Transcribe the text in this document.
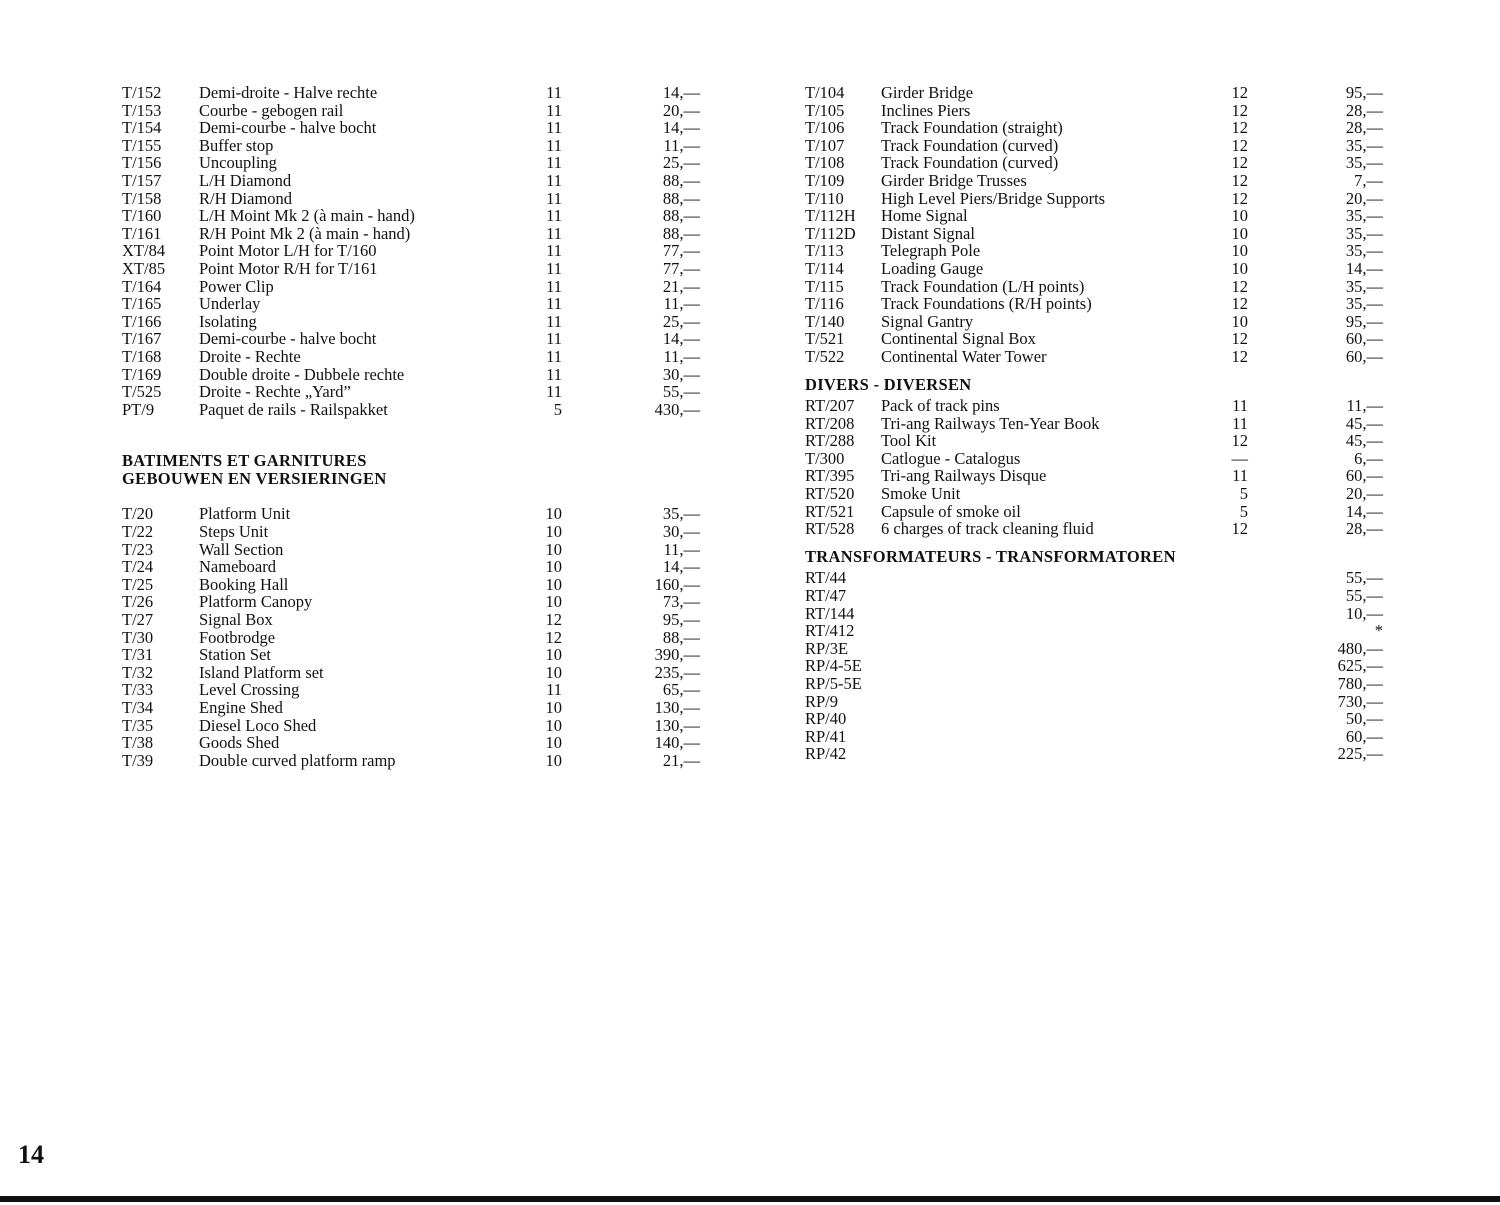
T/152 Demi-droite - Halve rechte	11	14,—
T/153 Courbe - gebogen rail	11	20,—
T/154 Demi-courbe - halve bocht	11	14,—
T/155 Buffer stop	11	11,—
T/156 Uncoupling	11	25,—
T/157 L/H Diamond	11	88,—
T/158 R/H Diamond	11	88,—
T/160 L/H Moint Mk 2 (à main - hand)	11	88,—
T/161 R/H Point Mk 2 (à main - hand)	11	88,—
XT/84 Point Motor L/H for T/160	11	77,—
XT/85 Point Motor R/H for T/161	11	77,—
T/164 Power Clip	11	21,—
T/165 Underlay	11	11,—
T/166 Isolating	11	25,—
T/167 Demi-courbe - halve bocht	11	14,—
T/168 Droite - Rechte	11	11,—
T/169 Double droite - Dubbele rechte	11	30,—
T/525 Droite - Rechte „Yard”	11	55,—
PT/9	Paquet de rails - Railspakket	5	430,—
BATIMENTS ET GARNITURES
GEBOUWEN EN VERSIERINGEN
T/20	Platform Unit	10	35,—
T/22	Steps Unit	10	30,—
T/23	Wall Section	10	11,—
T/24	Nameboard	10	14,—
T/25	Booking Hall	10	160,—
T/26	Platform Canopy	10	73,—
T/27	Signal Box	12	95,—
T/30	Footbrodge	12	88,—
T/31	Station Set	10	390,—
T/32	Island Platform set	10	235,—
T/33	Level Crossing	11	65,—
T/34	Engine Shed	10	130,—
T/35	Diesel Loco Shed	10	130,—
T/38	Goods Shed	10	140,—
T/39	Double curved platform ramp	10	21,—
T/104 Girder Bridge	12	95,—
T/105 Inclines Piers	12	28,—
T/106 Track Foundation (straight)	12	28,—
T/107 Track Foundation (curved)	12	35,—
T/108 Track Foundation (curved)	12	35,—
T/109 Girder Bridge Trusses	12	7,—
T/110 High Level Piers/Bridge Supports	12	20,—
T/112H Home Signal	10	35,—
T/112D Distant Signal	10	35,—
T/113 Telegraph Pole	10	35,—
T/114 Loading Gauge	10	14,—
T/115 Track Foundation (L/H points)	12	35,—
T/116 Track Foundations (R/H points)	12	35,—
T/140 Signal Gantry	10	95,—
T/521 Continental Signal Box	12	60,—
T/522 Continental Water Tower	12	60,—
DIVERS - DIVERSEN
RT/207 Pack of track pins	11	11,—
RT/208 Tri-ang Railways Ten-Year Book	11	45,—
RT/288 Tool Kit	12	45,—
T/300 Catlogue - Catalogus	—	6,—
RT/395 Tri-ang Railways Disque	11	60,—
RT/520 Smoke Unit	5	20,—
RT/521 Capsule of smoke oil	5	14,—
RT/528 6 charges of track cleaning fluid	12	28,—
TRANSFORMATEURS - TRANSFORMATOREN
RT/44	55,—
RT/47	55,—
RT/144	10,—
RT/412	*
RP/3E	480,—
RP/4-5E	625,—
RP/5-5E	780,—
RP/9	730,—
RP/40	50,—
RP/41	60,—
RP/42	225,—
14
